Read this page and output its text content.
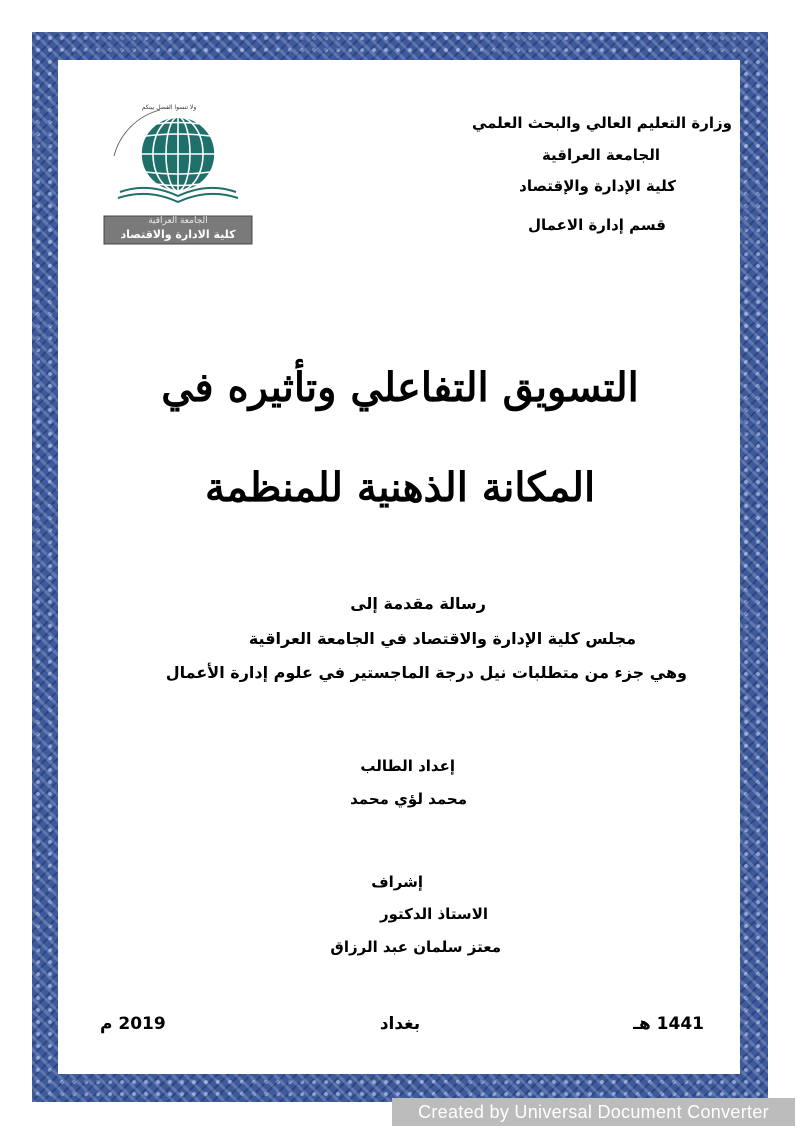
وزارة التعليم العالي والبحث العلمي
الجامعة العراقية
كلية الإدارة والإقتصاد
قسم إدارة الاعمال
الجامعة العراقية
كلية الادارة والاقتصاد
ولا تنسوا الفضل بينكم
التسويق التفاعلي وتأثيره في
المكانة الذهنية للمنظمة
رسالة مقدمة إلى
مجلس كلية الإدارة والاقتصاد في الجامعة العراقية
وهي جزء من متطلبات نيل درجة الماجستير في علوم إدارة الأعمال
إعداد الطالب
محمد لؤي محمد
إشراف
الاستاذ الدكتور
معتز سلمان عبد الرزاق
1441 هـ
بغداد
2019 م
Created by Universal Document Converter
